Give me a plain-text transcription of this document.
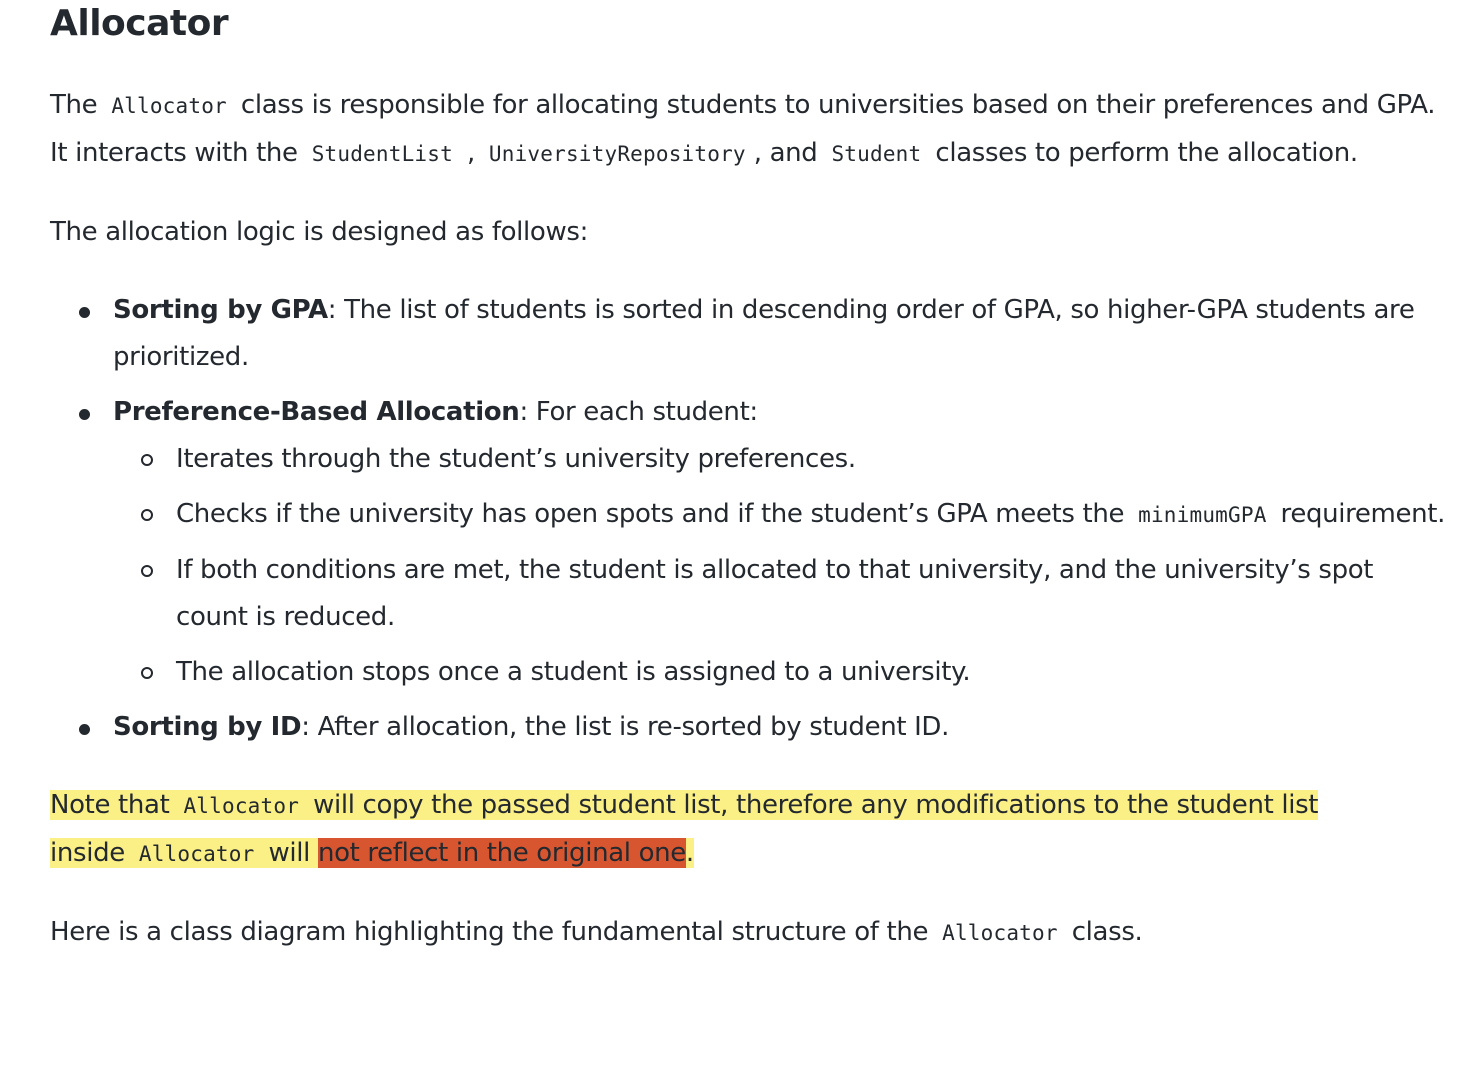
Allocator

The Allocator class is responsible for allocating students to universities based on their preferences and GPA. It interacts with the StudentList , UniversityRepository , and Student classes to perform the allocation.

The allocation logic is designed as follows:

Sorting by GPA: The list of students is sorted in descending order of GPA, so higher-GPA students are prioritized.
Preference-Based Allocation: For each student:
Iterates through the student’s university preferences.
Checks if the university has open spots and if the student’s GPA meets the minimumGPA requirement.
If both conditions are met, the student is allocated to that university, and the university’s spot count is reduced.
The allocation stops once a student is assigned to a university.
Sorting by ID: After allocation, the list is re-sorted by student ID.

Note that Allocator will copy the passed student list, therefore any modifications to the student list inside Allocator will not reflect in the original one.

Here is a class diagram highlighting the fundamental structure of the Allocator class.
